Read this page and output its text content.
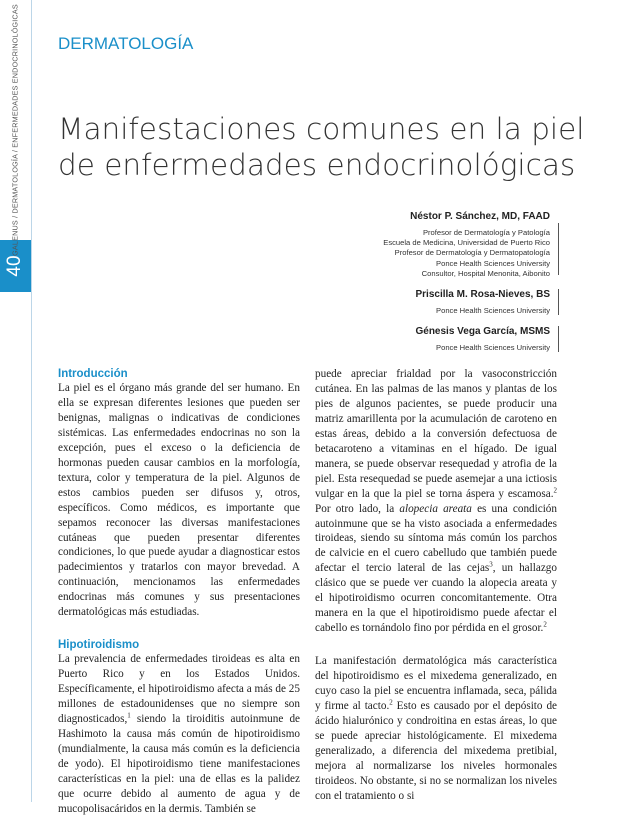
40
GALENUS / DERMATOLOGÍA / ENFERMEDADES ENDOCRINOLÓGICAS DERMATOLOGÍA
Manifestaciones comunes en la piel
de enfermedades endocrinológicas
Néstor P. Sánchez, MD, FAAD
Profesor de Dermatología y Patología
Escuela de Medicina, Universidad de Puerto Rico
Profesor de Dermatología y Dermatopatología
Ponce Health Sciences University
Consultor, Hospital Menonita, Aibonito
Priscilla M. Rosa-Nieves, BS
Ponce Health Sciences University
Génesis Vega García, MSMS
Ponce Health Sciences University
Introducción

La piel es el órgano más grande del ser humano. En ella se expresan diferentes lesiones que pueden ser benignas, malignas o indicativas de condiciones sistémicas. Las enfermedades endocrinas no son la excepción, pues el exceso o la deficiencia de hormonas pueden causar cambios en la morfología, textura, color y temperatura de la piel. Algunos de estos cambios pueden ser difusos y, otros, específicos. Como médicos, es importante que sepamos reconocer las diversas manifestaciones cutáneas que pueden presentar diferentes condiciones, lo que puede ayudar a diagnosticar estos padecimientos y tratarlos con mayor brevedad. A continuación, mencionamos las enfermedades endocrinas más comunes y sus presentaciones dermatológicas más estudiadas.

Hipotiroidismo

La prevalencia de enfermedades tiroideas es alta en Puerto Rico y en los Estados Unidos. Específicamente, el hipotiroidismo afecta a más de 25 millones de estadounidenses que no siempre son diagnosticados,$^1$ siendo la tiroiditis autoinmune de Hashimoto la causa más común de hipotiroidismo (mundialmente, la causa más común es la deficiencia de yodo). El hipotiroidismo tiene manifestaciones características en la piel: una de ellas es la palidez que ocurre debido al aumento de agua y de mucopolisacáridos en la dermis. También se

puede apreciar frialdad por la vasoconstricción cutánea. En las palmas de las manos y plantas de los pies de algunos pacientes, se puede producir una matriz amarillenta por la acumulación de caroteno en estas áreas, debido a la conversión defectuosa de betacaroteno a vitaminas en el hígado. De igual manera, se puede observar resequedad y atrofia de la piel. Esta resequedad se puede asemejar a una ictiosis vulgar en la que la piel se torna áspera y escamosa.$^2$ Por otro lado, la alopecia areata es una condición autoinmune que se ha visto asociada a enfermedades tiroideas, siendo su síntoma más común los parchos de calvicie en el cuero cabelludo que también puede afectar el tercio lateral de las cejas$^3$, un hallazgo clásico que se puede ver cuando la alopecia areata y el hipotiroidismo ocurren concomitantemente. Otra manera en la que el hipotiroidismo puede afectar el cabello es tornándolo fino por pérdida en el grosor.$^2$

La manifestación dermatológica más característica del hipotiroidismo es el mixedema generalizado, en cuyo caso la piel se encuentra inflamada, seca, pálida y firme al tacto.$^2$ Esto es causado por el depósito de ácido hialurónico y condroitina en estas áreas, lo que se puede apreciar histológicamente. El mixedema generalizado, a diferencia del mixedema pretibial, mejora al normalizarse los niveles hormonales tiroideos. No obstante, si no se normalizan los niveles con el tratamiento o si
